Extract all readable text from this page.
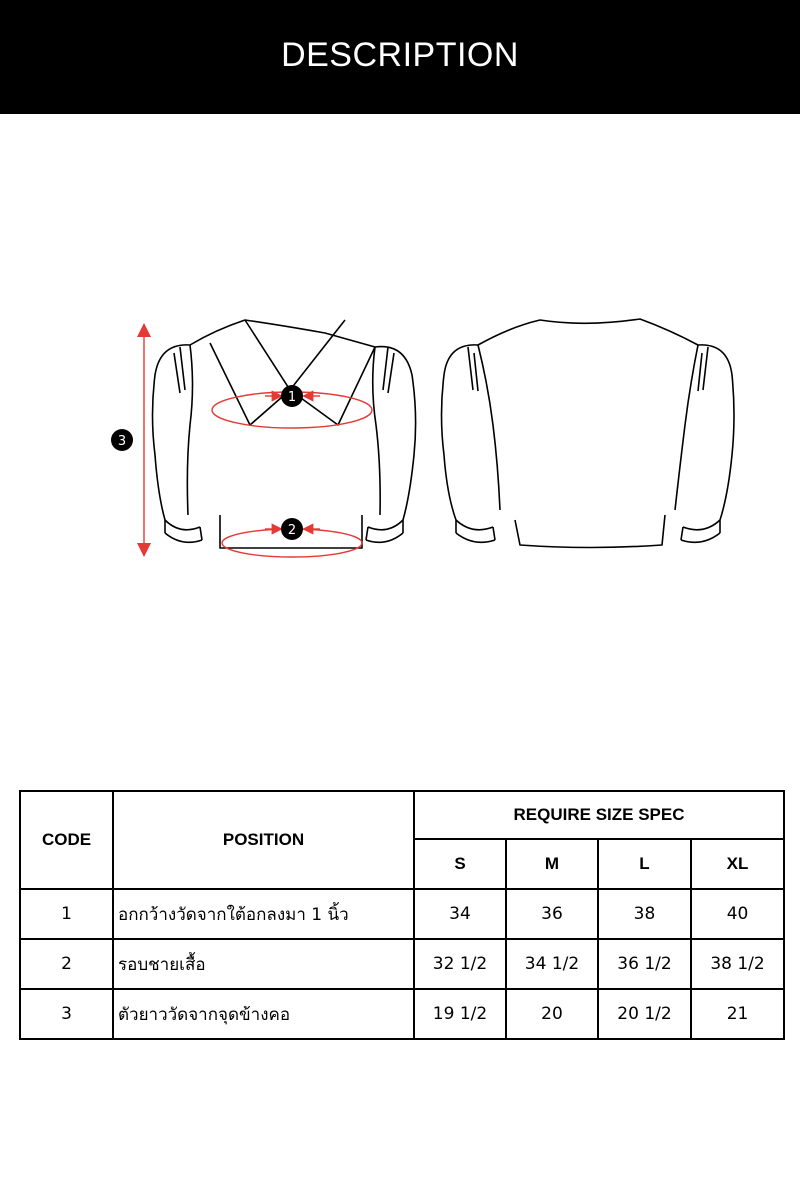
DESCRIPTION
1
2
3
CODE	POSITION	REQUIRE SIZE SPEC			
		S	M	L	XL
1	อกกว้างวัดจากใต้อกลงมา 1 นิ้ว	34	36	38	40
2	รอบชายเสื้อ	32 1/2	34 1/2	36 1/2	38 1/2
3	ตัวยาววัดจากจุดข้างคอ	19 1/2	20	20 1/2	21
